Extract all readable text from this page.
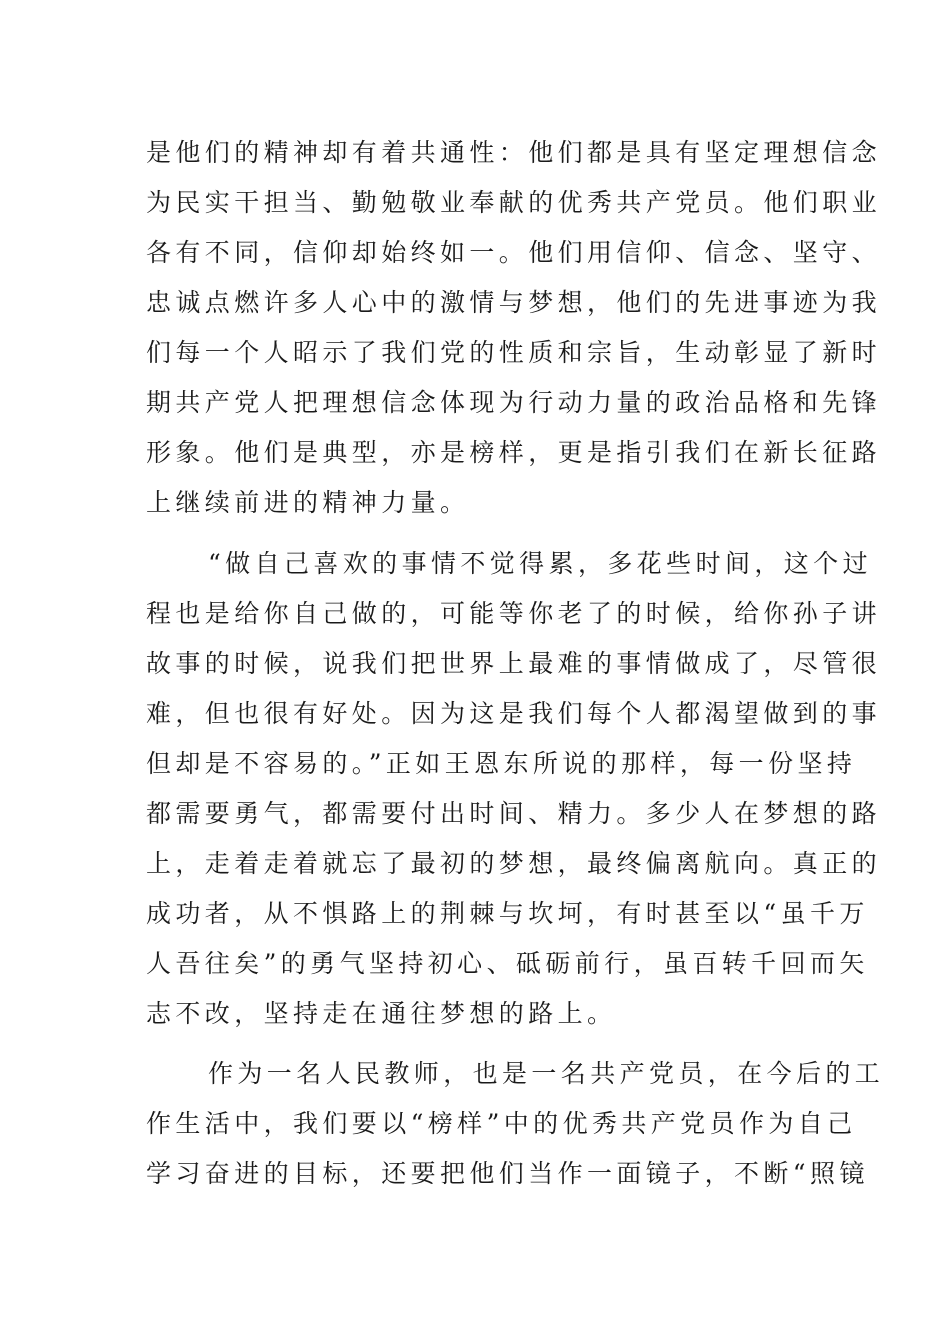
是他们的精神却有着共通性：他们都是具有坚定理想信念
为民实干担当、勤勉敬业奉献的优秀共产党员。他们职业
各有不同，信仰却始终如一。他们用信仰、信念、坚守、
忠诚点燃许多人心中的激情与梦想，他们的先进事迹为我
们每一个人昭示了我们党的性质和宗旨，生动彰显了新时
期共产党人把理想信念体现为行动力量的政治品格和先锋
形象。他们是典型，亦是榜样，更是指引我们在新长征路
上继续前进的精神力量。
“做自己喜欢的事情不觉得累，多花些时间，这个过
程也是给你自己做的，可能等你老了的时候，给你孙子讲
故事的时候，说我们把世界上最难的事情做成了，尽管很
难，但也很有好处。因为这是我们每个人都渴望做到的事
但却是不容易的。”正如王恩东所说的那样，每一份坚持
都需要勇气，都需要付出时间、精力。多少人在梦想的路
上，走着走着就忘了最初的梦想，最终偏离航向。真正的
成功者，从不惧路上的荆棘与坎坷，有时甚至以“虽千万
人吾往矣”的勇气坚持初心、砥砺前行，虽百转千回而矢
志不改，坚持走在通往梦想的路上。
作为一名人民教师，也是一名共产党员，在今后的工
作生活中，我们要以“榜样”中的优秀共产党员作为自己
学习奋进的目标，还要把他们当作一面镜子，不断“照镜
